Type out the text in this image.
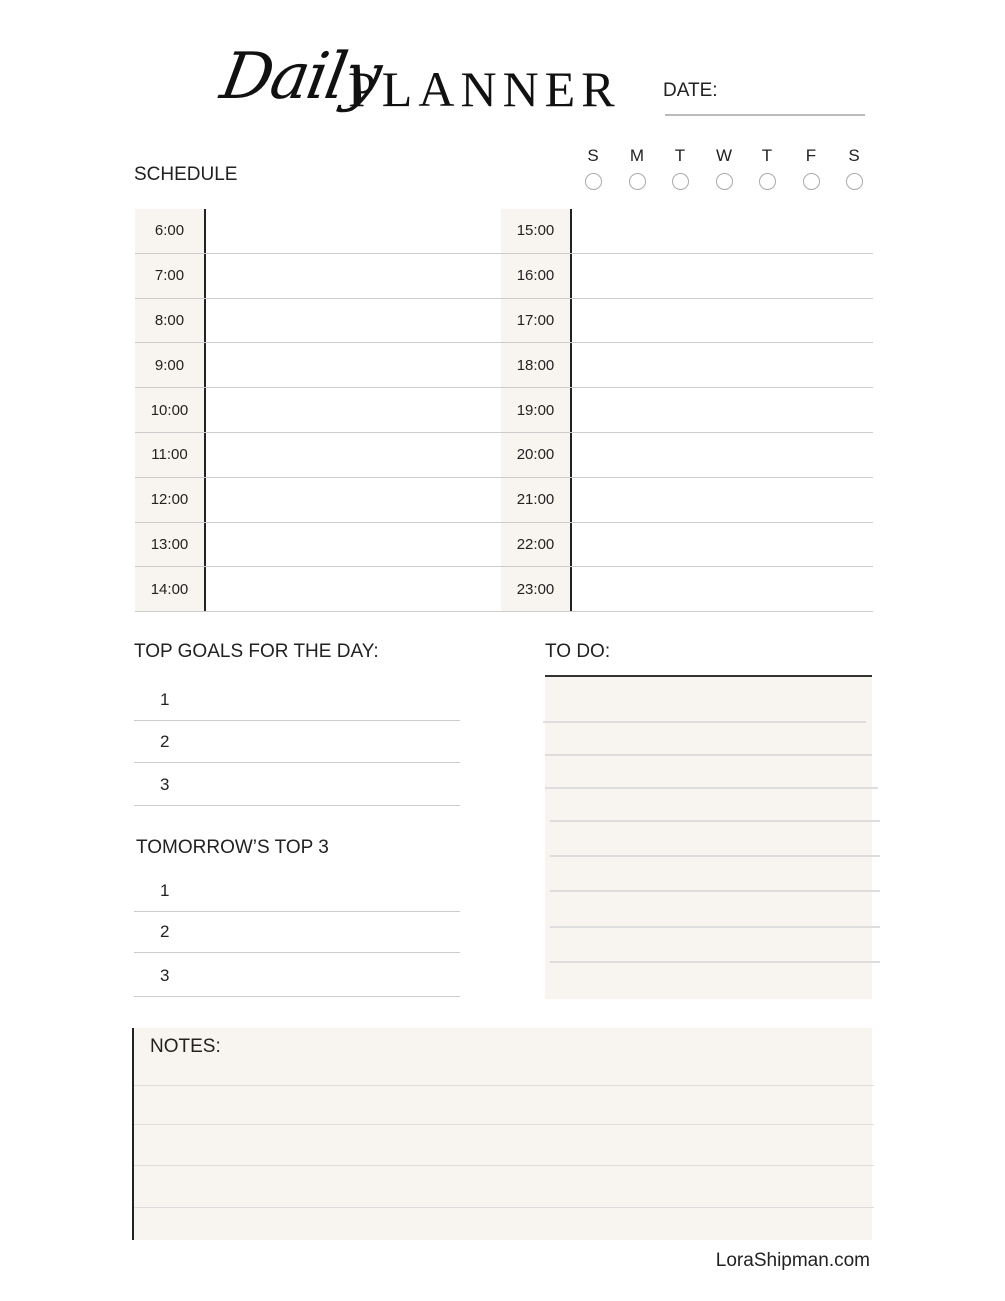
Daily
PLANNER DATE:
SCHEDULE
S	M	T	W	T	F	S
6:00
7:00
8:00
9:00
10:00
11:00
12:00
13:00
14:00
15:00
16:00
17:00
18:00
19:00
20:00
21:00
22:00
23:00
TOP GOALS FOR THE DAY:
1
2
3
TOMORROW’S TOP 3
1
2
3
TO DO:
NOTES:
LoraShipman.com
